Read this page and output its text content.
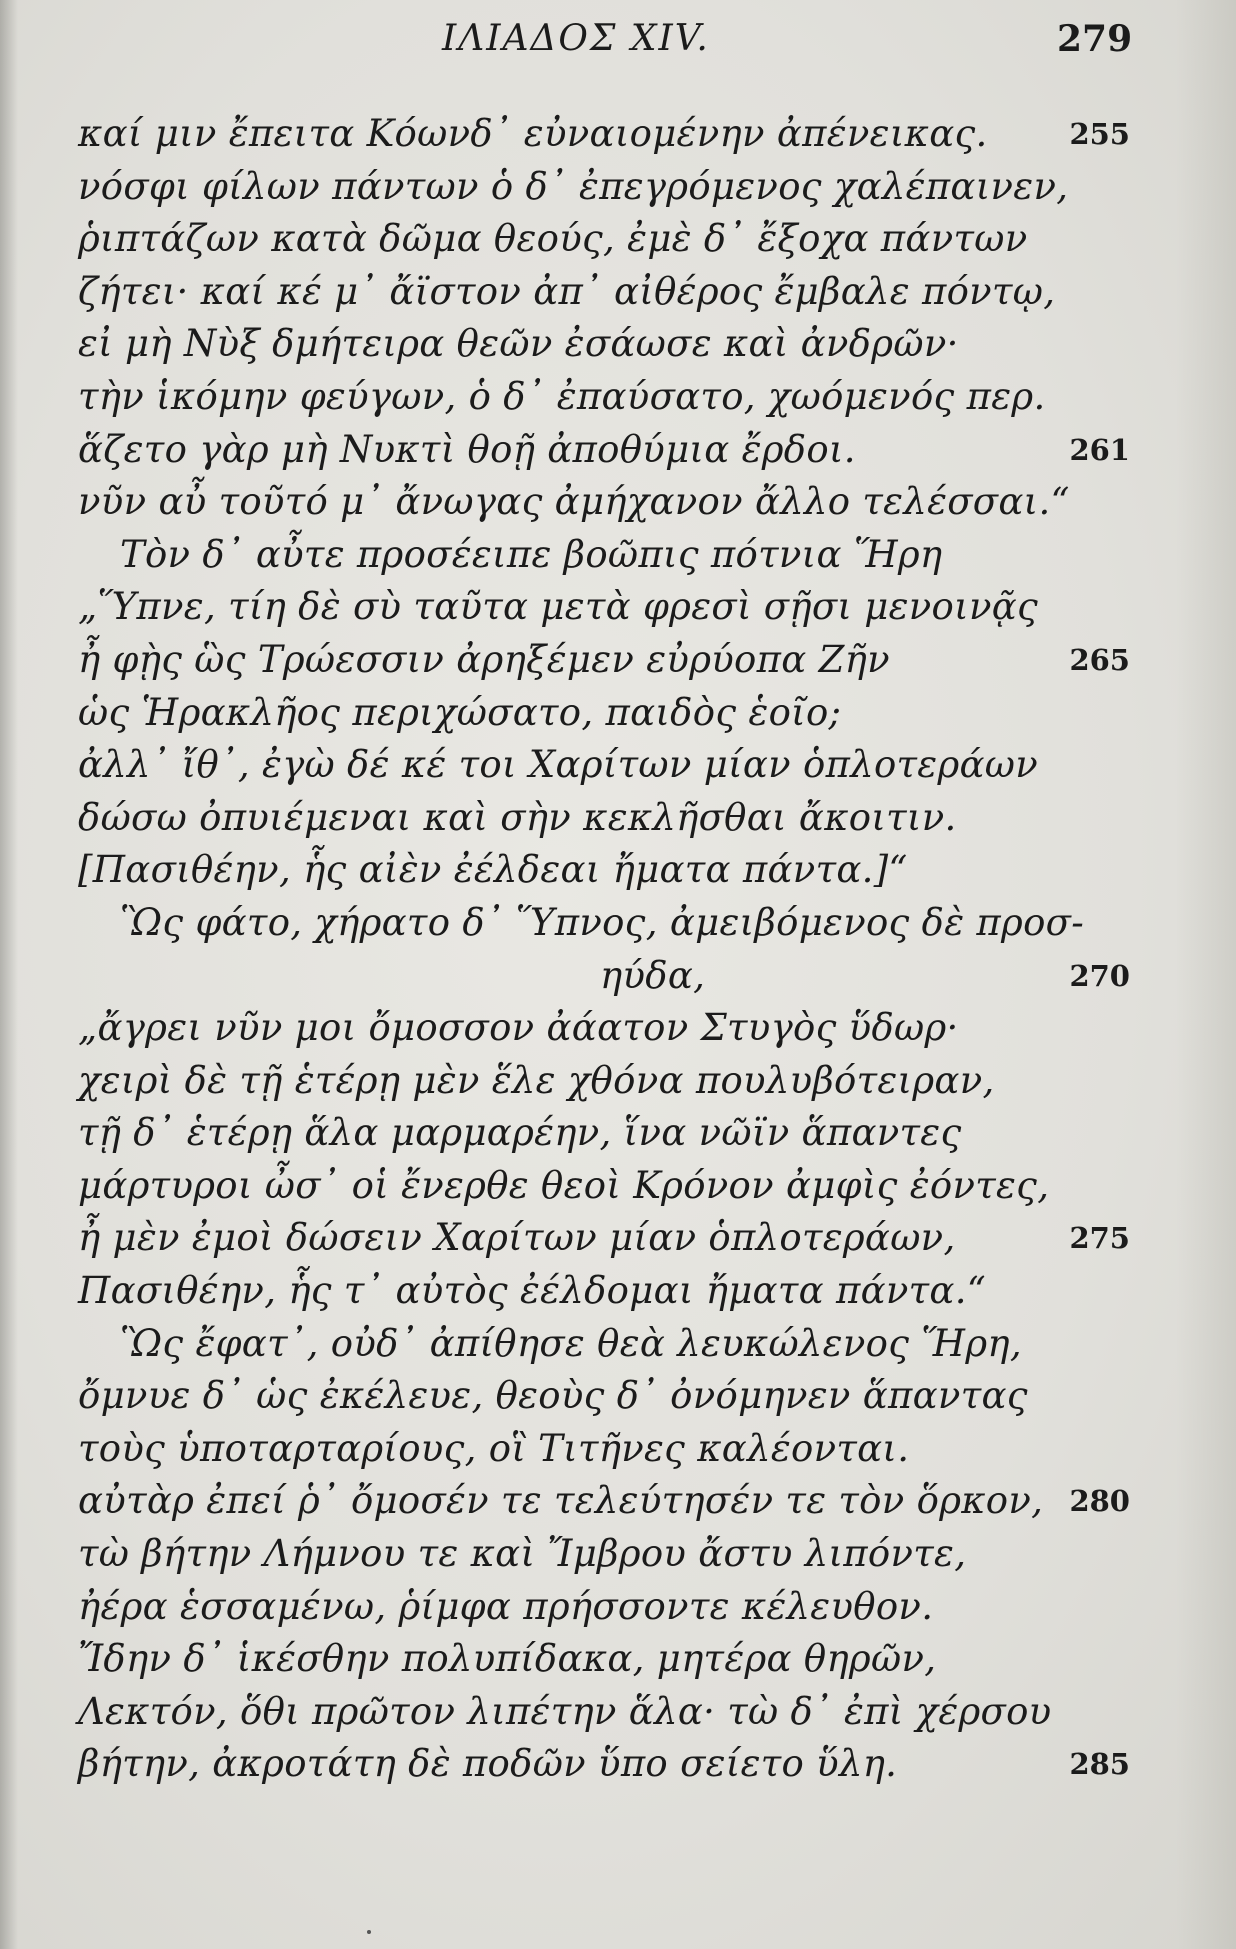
ΙΛΙΑΔΟΣ XIV.	279
καί μιν ἔπειτα Κόωνδ᾽ εὐναιομένην ἀπένεικας.	255
νόσφι φίλων πάντων ὁ δ᾽ ἐπεγρόμενος χαλέπαινεν,
ῥιπτάζων κατὰ δῶμα θεούς, ἐμὲ δ᾽ ἔξοχα πάντων
ζήτει· καί κέ μ᾽ ἄϊστον ἀπ᾽ αἰθέρος ἔμβαλε πόντῳ,
εἰ μὴ Νὺξ δμήτειρα θεῶν ἐσάωσε καὶ ἀνδρῶν·
τὴν ἱκόμην φεύγων, ὁ δ᾽ ἐπαύσατο, χωόμενός περ.
ἅζετο γὰρ μὴ Νυκτὶ θοῇ ἀποθύμια ἔρδοι.	261
νῦν αὖ τοῦτό μ᾽ ἄνωγας ἀμήχανον ἄλλο τελέσσαι.“
Τὸν δ᾽ αὖτε προσέειπε βοῶπις πότνια Ἥρη
„Ὕπνε, τίη δὲ σὺ ταῦτα μετὰ φρεσὶ σῇσι μενοινᾷς
ἦ φῂς ὣς Τρώεσσιν ἀρηξέμεν εὐρύοπα Ζῆν	265
ὡς Ἡρακλῆος περιχώσατο, παιδὸς ἑοῖο;
ἀλλ᾽ ἴθ᾽, ἐγὼ δέ κέ τοι Χαρίτων μίαν ὁπλοτεράων
δώσω ὀπυιέμεναι καὶ σὴν κεκλῆσθαι ἄκοιτιν.
[Πασιθέην, ἧς αἰὲν ἐέλδεαι ἤματα πάντα.]“
Ὣς φάτο, χήρατο δ᾽ Ὕπνος, ἀμειβόμενος δὲ προσ-
ηύδα,	270
„ἄγρει νῦν μοι ὄμοσσον ἀάατον Στυγὸς ὕδωρ·
χειρὶ δὲ τῇ ἑτέρῃ μὲν ἕλε χθόνα πουλυβότειραν,
τῇ δ᾽ ἑτέρῃ ἅλα μαρμαρέην, ἵνα νῶϊν ἅπαντες
μάρτυροι ὦσ᾽ οἱ ἔνερθε θεοὶ Κρόνον ἀμφὶς ἐόντες,
ἦ μὲν ἐμοὶ δώσειν Χαρίτων μίαν ὁπλοτεράων,	275
Πασιθέην, ἧς τ᾽ αὐτὸς ἐέλδομαι ἤματα πάντα.“
Ὣς ἔφατ᾽, οὐδ᾽ ἀπίθησε θεὰ λευκώλενος Ἥρη,
ὄμνυε δ᾽ ὡς ἐκέλευε, θεοὺς δ᾽ ὀνόμηνεν ἅπαντας
τοὺς ὑποταρταρίους, οἳ Τιτῆνες καλέονται.
αὐτὰρ ἐπεί ῥ᾽ ὄμοσέν τε τελεύτησέν τε τὸν ὅρκον, 280
τὼ βήτην Λήμνου τε καὶ Ἴμβρου ἄστυ λιπόντε,
ἠέρα ἑσσαμένω, ῥίμφα πρήσσοντε κέλευθον.
Ἴδην δ᾽ ἱκέσθην πολυπίδακα, μητέρα θηρῶν,
Λεκτόν, ὅθι πρῶτον λιπέτην ἅλα· τὼ δ᾽ ἐπὶ χέρσου
βήτην, ἀκροτάτη δὲ ποδῶν ὕπο σείετο ὕλη.	285
